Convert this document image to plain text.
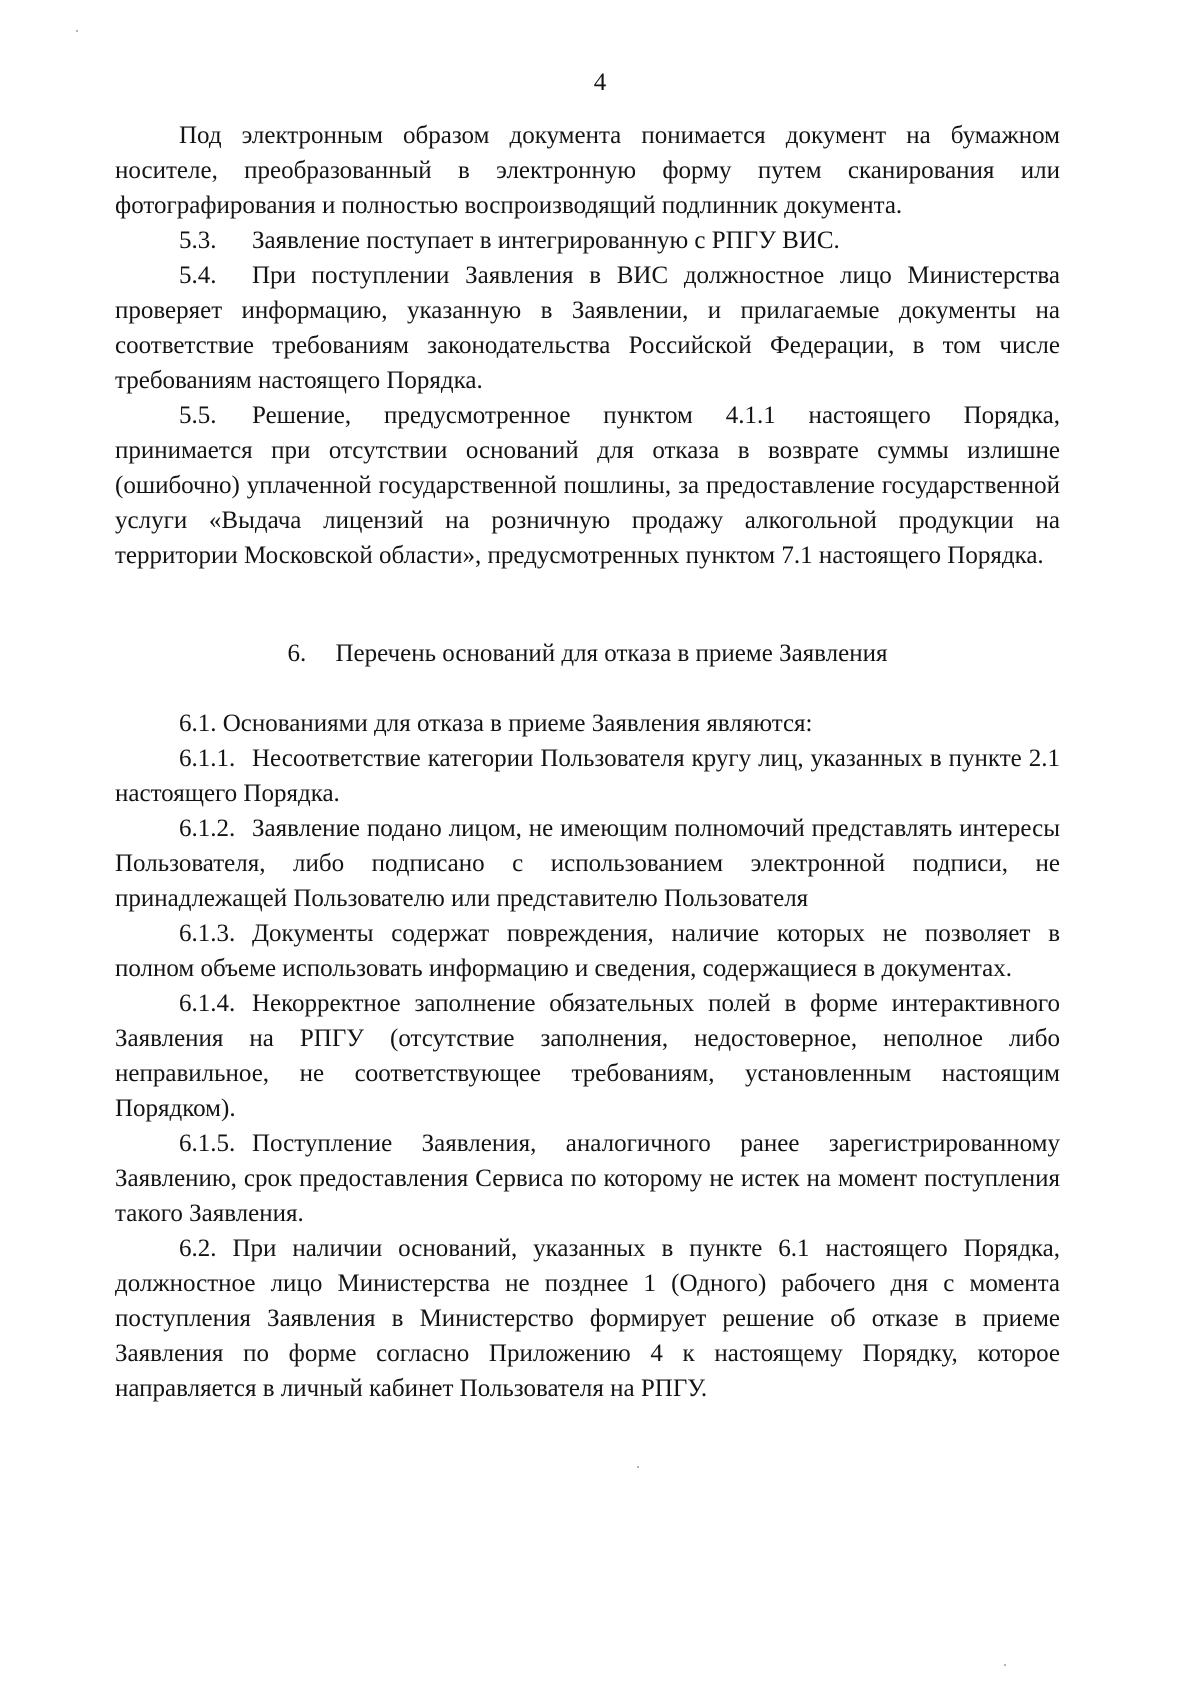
4

Под электронным образом документа понимается документ на бумажном носителе, преобразованный в электронную форму путем сканирования или фотографирования и полностью воспроизводящий подлинник документа.

5.3. Заявление поступает в интегрированную с РПГУ ВИС.

5.4. При поступлении Заявления в ВИС должностное лицо Министерства проверяет информацию, указанную в Заявлении, и прилагаемые документы на соответствие требованиям законодательства Российской Федерации, в том числе требованиям настоящего Порядка.

5.5. Решение, предусмотренное пунктом 4.1.1 настоящего Порядка, принимается при отсутствии оснований для отказа в возврате суммы излишне (ошибочно) уплаченной государственной пошлины, за предоставление государственной услуги «Выдача лицензий на розничную продажу алкогольной продукции на территории Московской области», предусмотренных пунктом 7.1 настоящего Порядка.

6. Перечень оснований для отказа в приеме Заявления

6.1. Основаниями для отказа в приеме Заявления являются:

6.1.1. Несоответствие категории Пользователя кругу лиц, указанных в пункте 2.1 настоящего Порядка.

6.1.2. Заявление подано лицом, не имеющим полномочий представлять интересы Пользователя, либо подписано с использованием электронной подписи, не принадлежащей Пользователю или представителю Пользователя

6.1.3. Документы содержат повреждения, наличие которых не позволяет в полном объеме использовать информацию и сведения, содержащиеся в документах.

6.1.4. Некорректное заполнение обязательных полей в форме интерактивного Заявления на РПГУ (отсутствие заполнения, недостоверное, неполное либо неправильное, не соответствующее требованиям, установленным настоящим Порядком).

6.1.5. Поступление Заявления, аналогичного ранее зарегистрированному Заявлению, срок предоставления Сервиса по которому не истек на момент поступления такого Заявления.

6.2. При наличии оснований, указанных в пункте 6.1 настоящего Порядка, должностное лицо Министерства не позднее 1 (Одного) рабочего дня с момента поступления Заявления в Министерство формирует решение об отказе в приеме Заявления по форме согласно Приложению 4 к настоящему Порядку, которое направляется в личный кабинет Пользователя на РПГУ.
